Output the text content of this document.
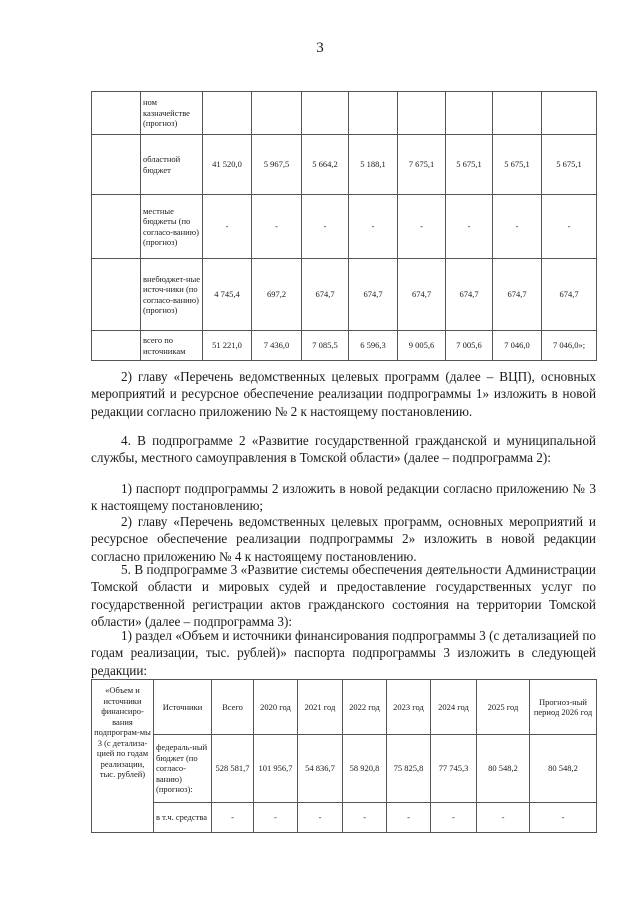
3
	ном казначействе (прогноз)								
	областной бюджет	41 520,0	5 967,5	5 664,2	5 188,1	7 675,1	5 675,1	5 675,1	5 675,1
	местные бюджеты (по согласо-ванию) (прогноз)	-	-	-	-	-	-	-	-
	внебюджет-ные источ-ники (по согласо-ванию) (прогноз)	4 745,4	697,2	674,7	674,7	674,7	674,7	674,7	674,7
	всего по источникам	51 221,0	7 436,0	7 085,5	6 596,3	9 005,6	7 005,6	7 046,0	7 046,0»;

2) главу «Перечень ведомственных целевых программ (далее – ВЦП), основных мероприятий и ресурсное обеспечение реализации подпрограммы 1» изложить в новой редакции согласно приложению № 2 к настоящему постановлению.

4. В подпрограмме 2 «Развитие государственной гражданской и муниципальной службы, местного самоуправления в Томской области» (далее – подпрограмма 2):

1) паспорт подпрограммы 2 изложить в новой редакции согласно приложению № 3 к настоящему постановлению;

2) главу «Перечень ведомственных целевых программ, основных мероприятий и ресурсное обеспечение реализации подпрограммы 2» изложить в новой редакции согласно приложению № 4 к настоящему постановлению.

5. В подпрограмме 3 «Развитие системы обеспечения деятельности Администрации Томской области и мировых судей и предоставление государственных услуг по государственной регистрации актов гражданского состояния на территории Томской области» (далее – подпрограмма 3):

1) раздел «Объем и источники финансирования подпрограммы 3 (с детализацией по годам реализации, тыс. рублей)» паспорта подпрограммы 3 изложить в следующей редакции:

«Объем и источники финансиро-вания подпрограм-мы 3 (с детализа-цией по годам реализации, тыс. рублей)	Источники	Всего	2020 год	2021 год	2022 год	2023 год	2024 год	2025 год	Прогноз-ный период 2026 год
	федераль-ный бюджет (по согласо-ванию) (прогноз):	528 581,7	101 956,7	54 836,7	58 920,8	75 825,8	77 745,3	80 548,2	80 548,2
	в т.ч. средства	-	-	-	-	-	-	-	-
